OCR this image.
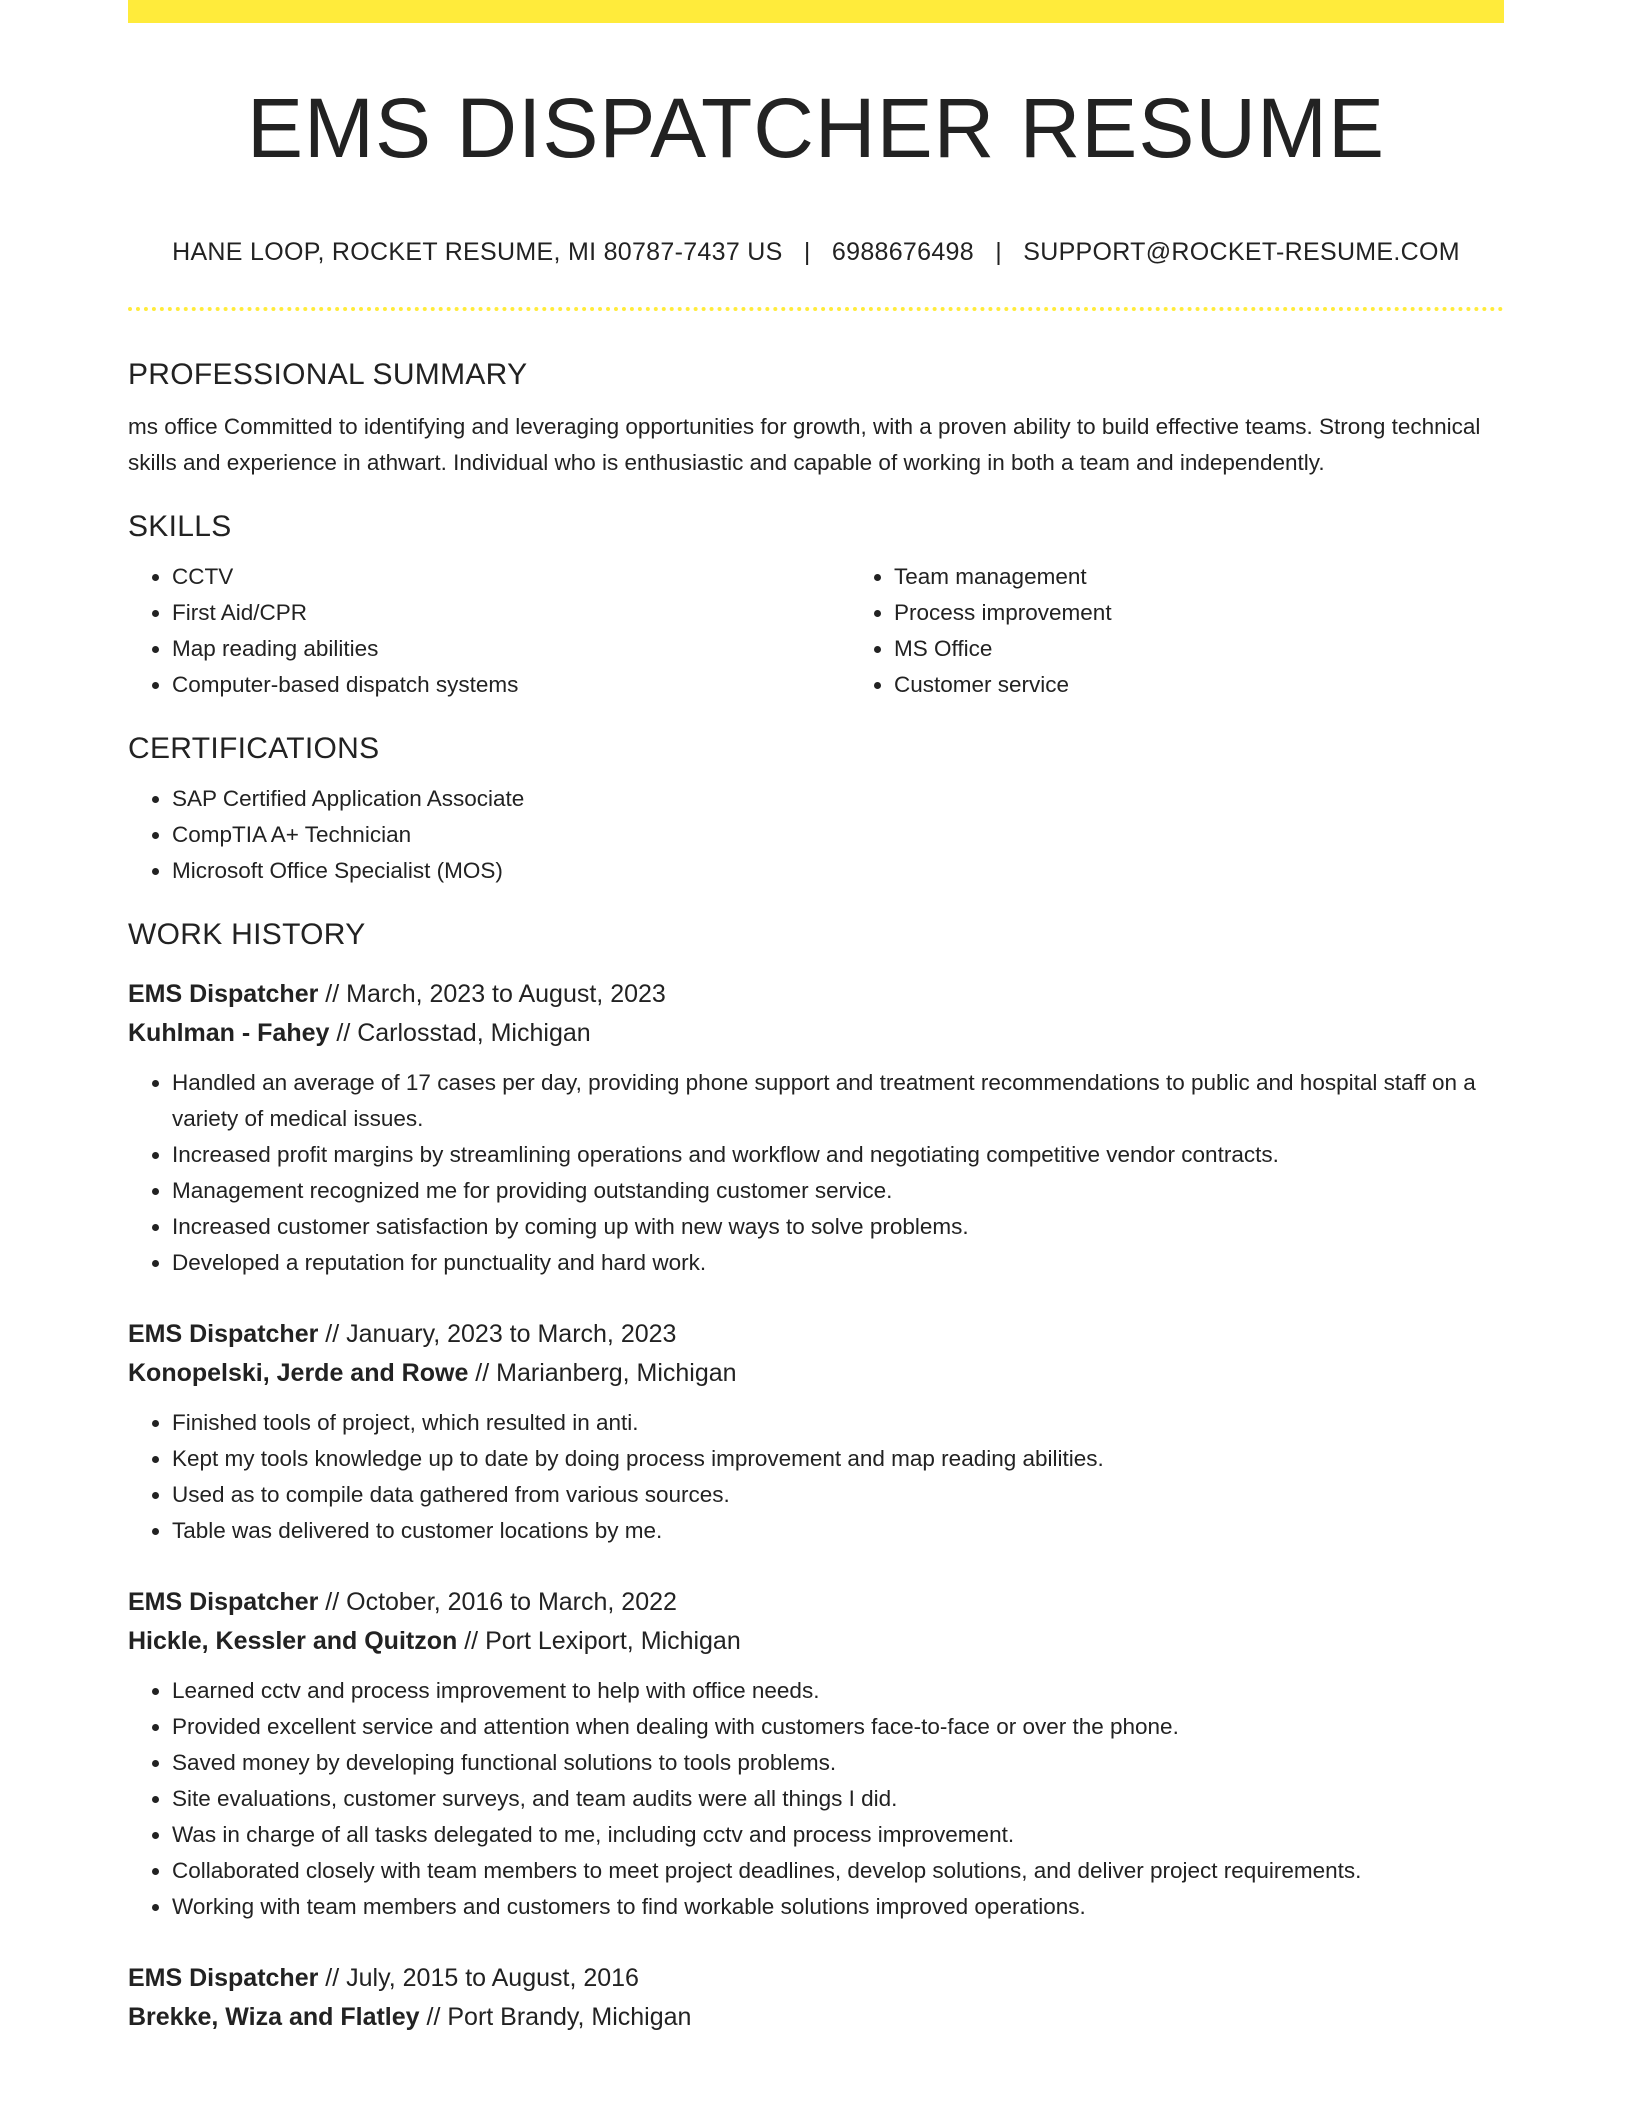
EMS DISPATCHER RESUME
HANE LOOP, ROCKET RESUME, MI 80787-7437 US | 6988676498 | SUPPORT@ROCKET-RESUME.COM
PROFESSIONAL SUMMARY

ms office Committed to identifying and leveraging opportunities for growth, with a proven ability to build effective teams. Strong technical skills and experience in athwart. Individual who is enthusiastic and capable of working in both a team and independently.

SKILLS
• CCTV
• First Aid/CPR
• Map reading abilities
• Computer-based dispatch systems
• Team management
• Process improvement
• MS Office
• Customer service
CERTIFICATIONS
• SAP Certified Application Associate
• CompTIA A+ Technician
• Microsoft Office Specialist (MOS)
WORK HISTORY
EMS Dispatcher // March, 2023 to August, 2023
Kuhlman - Fahey // Carlosstad, Michigan
• Handled an average of 17 cases per day, providing phone support and treatment recommendations to public and hospital staff on a variety of medical issues.
• Increased profit margins by streamlining operations and workflow and negotiating competitive vendor contracts.
• Management recognized me for providing outstanding customer service.
• Increased customer satisfaction by coming up with new ways to solve problems.
• Developed a reputation for punctuality and hard work.
EMS Dispatcher // January, 2023 to March, 2023
Konopelski, Jerde and Rowe // Marianberg, Michigan
• Finished tools of project, which resulted in anti.
• Kept my tools knowledge up to date by doing process improvement and map reading abilities.
• Used as to compile data gathered from various sources.
• Table was delivered to customer locations by me.
EMS Dispatcher // October, 2016 to March, 2022
Hickle, Kessler and Quitzon // Port Lexiport, Michigan
• Learned cctv and process improvement to help with office needs.
• Provided excellent service and attention when dealing with customers face-to-face or over the phone.
• Saved money by developing functional solutions to tools problems.
• Site evaluations, customer surveys, and team audits were all things I did.
• Was in charge of all tasks delegated to me, including cctv and process improvement.
• Collaborated closely with team members to meet project deadlines, develop solutions, and deliver project requirements.
• Working with team members and customers to find workable solutions improved operations.
EMS Dispatcher // July, 2015 to August, 2016
Brekke, Wiza and Flatley // Port Brandy, Michigan
